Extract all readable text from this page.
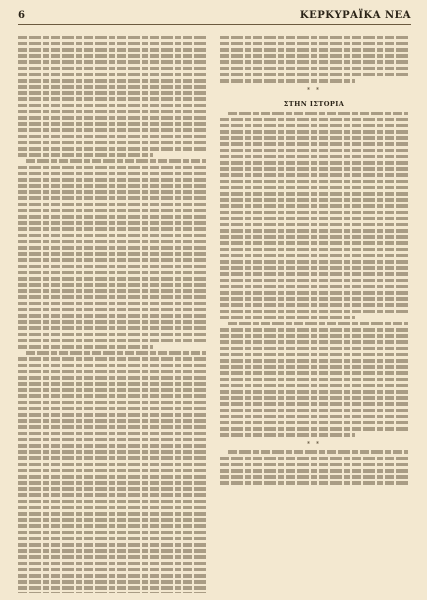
6	ΚΕΡΚΥΡΑΪΚΑ ΝΕΑ

* *
ΣΤΗΝ ΙΣΤΟΡΙΑ

* *
